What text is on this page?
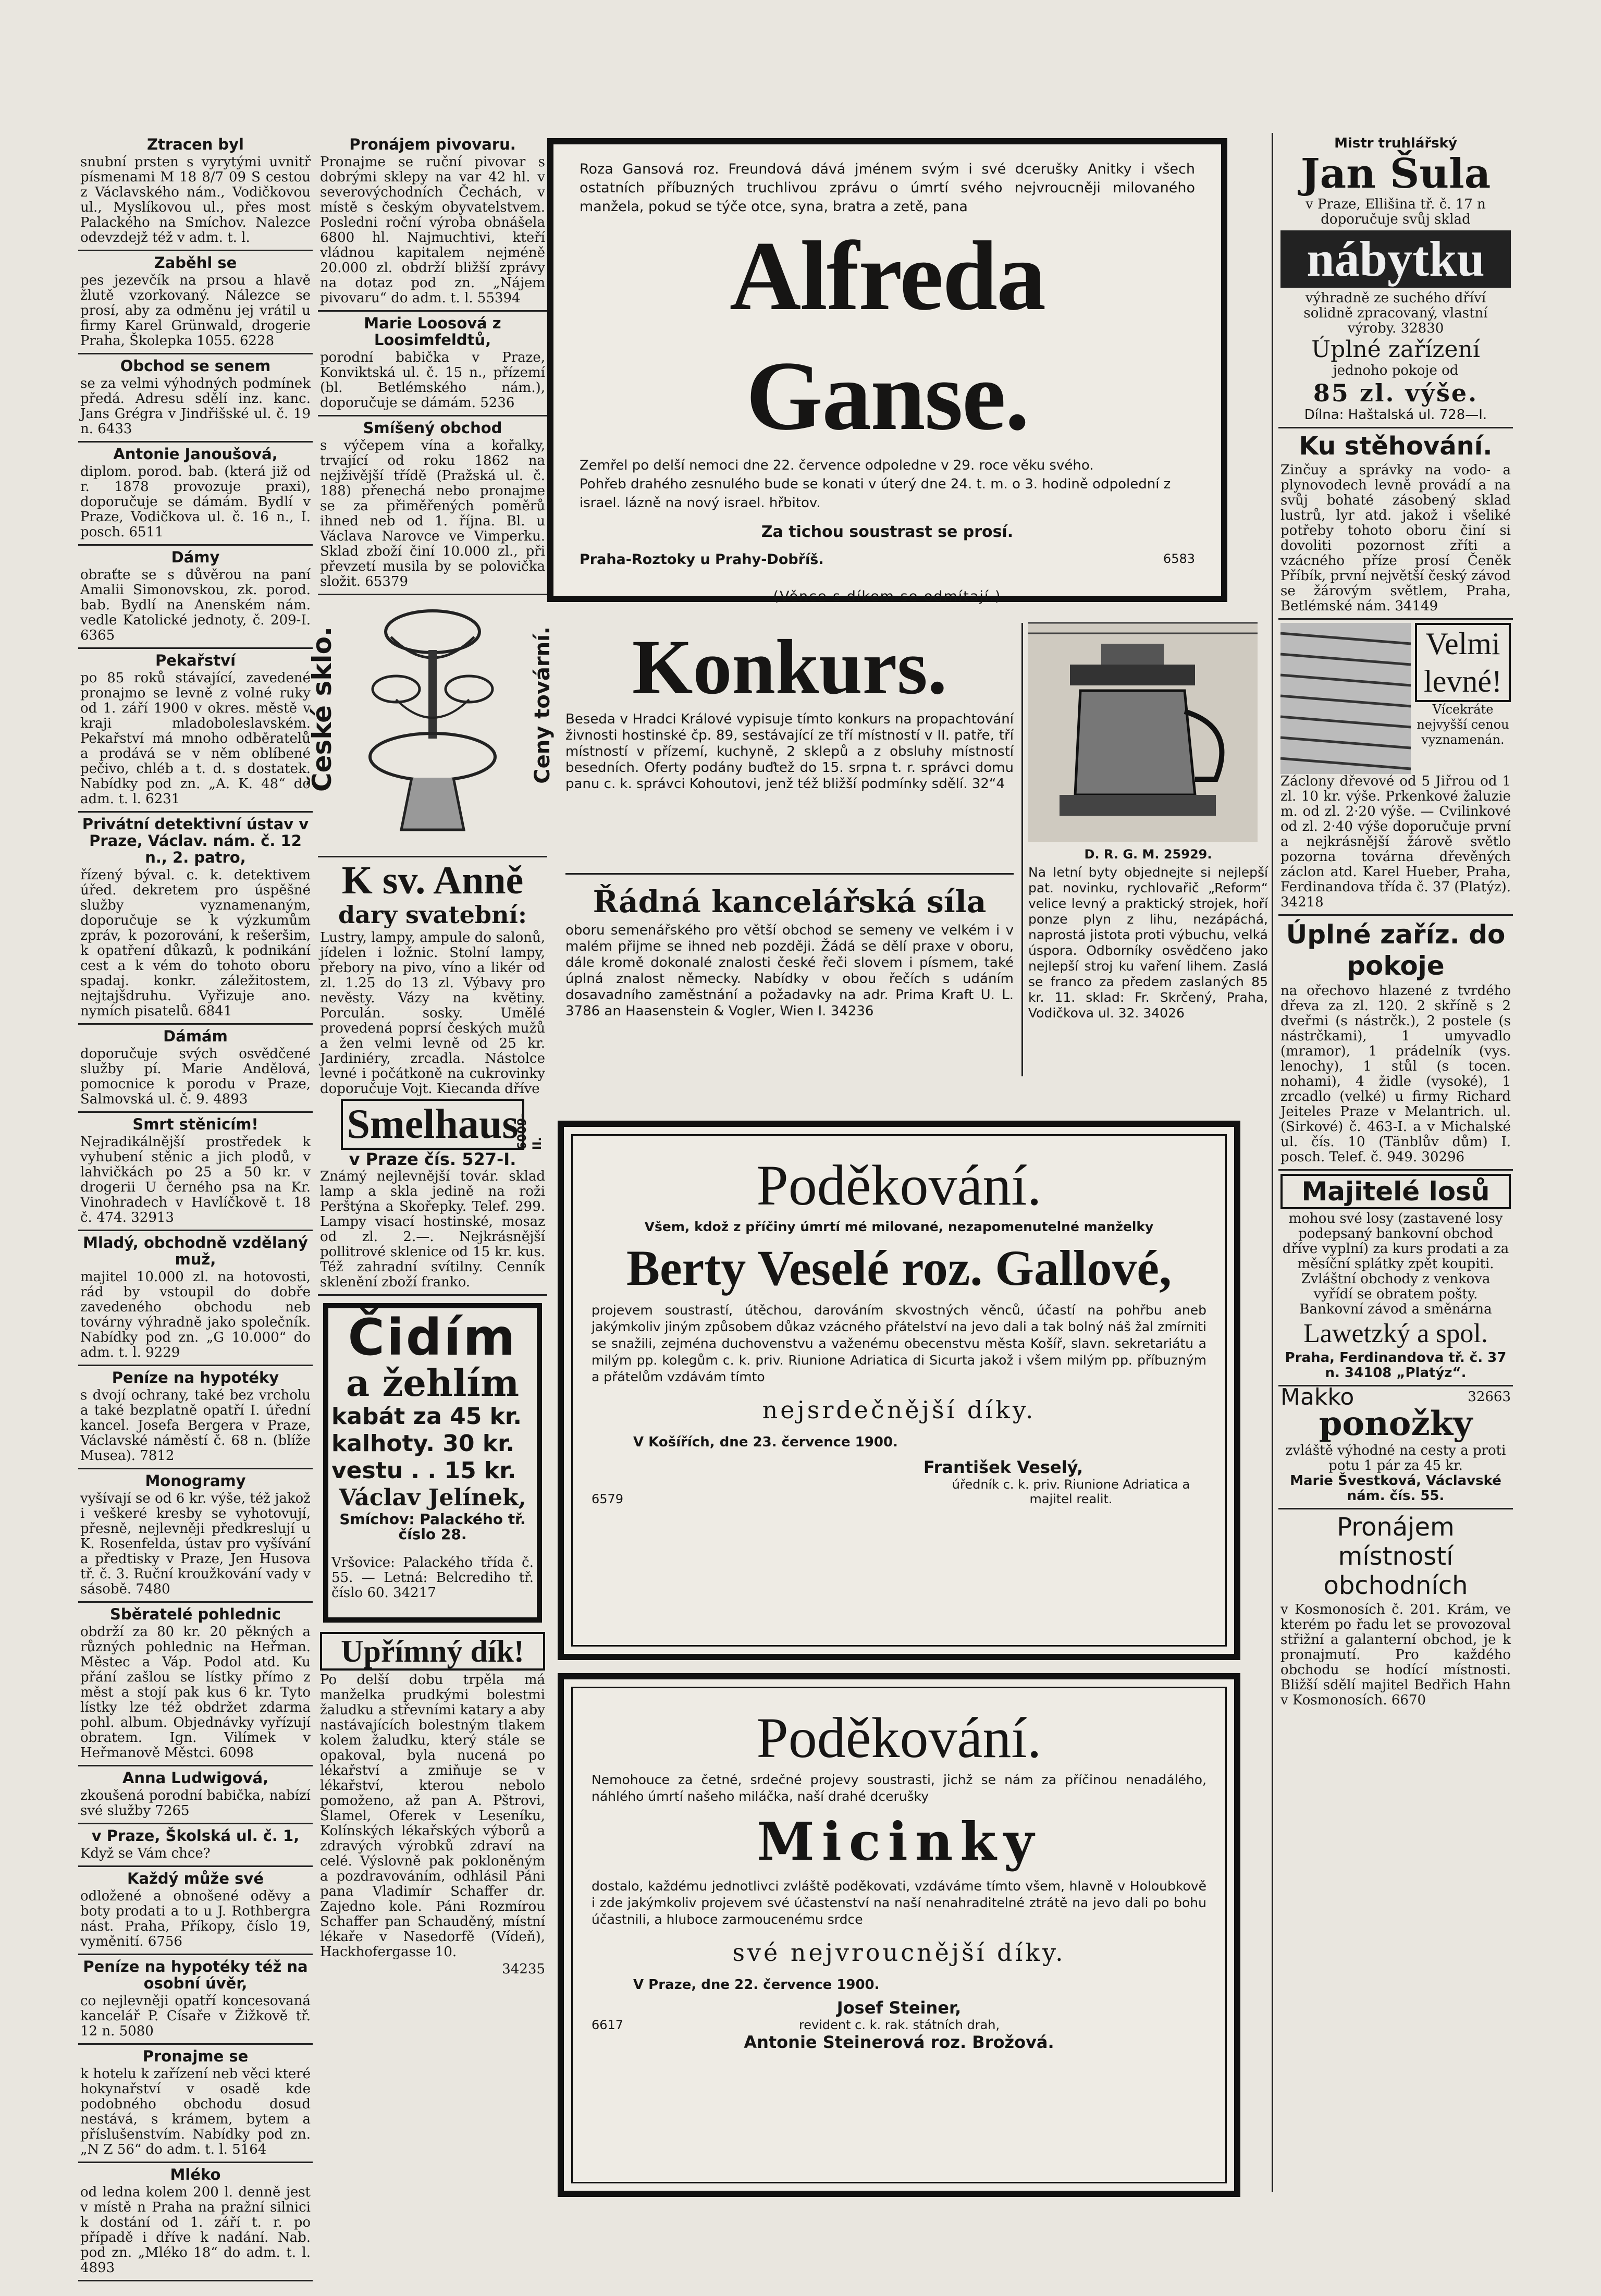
Ztracen byl

snubní prsten s vyrytými uvnitř písmenami M 18 8/7 09 S cestou z Václavského nám., Vodičkovou ul., Myslíkovou ul., přes most Palackého na Smíchov. Nalezce odevzdejž též v adm. t. l.

Zaběhl se

pes jezevčík na prsou a hlavě žlutě vzorkovaný. Nálezce se prosí, aby za odměnu jej vrátil u firmy Karel Grünwald, drogerie Praha, Školepka 1055. 6228

Obchod se senem

se za velmi výhodných podmínek předá. Adresu sdělí inz. kanc. Jans Grégra v Jindřišské ul. č. 19 n. 6433

Antonie Janoušová,

diplom. porod. bab. (která již od r. 1878 provozuje praxi), doporučuje se dámám. Bydlí v Praze, Vodičkova ul. č. 16 n., I. posch. 6511

Dámy

obraťte se s důvěrou na paní Amalii Simonovskou, zk. porod. bab. Bydlí na Anenském nám. vedle Katolické jednoty, č. 209-I. 6365

Pekařství

po 85 roků stávající, zavedené pronajmo se levně z volné ruky od 1. září 1900 v okres. městě v kraji mladoboleslavském. Pekařství má mnoho odběratelů a prodává se v něm oblíbené pečivo, chléb a t. d. s dostatek. Nabídky pod zn. „A. K. 48“ do adm. t. l. 6231

Privátní detektivní ústav v Praze, Václav. nám. č. 12 n., 2. patro,

řízený býval. c. k. detektivem úřed. dekretem pro úspěšné služby vyznamenaným, doporučuje se k výzkumům zpráv, k pozorování, k rešeršim, k opatření důkazů, k podnikání cest a k vém do tohoto oboru spadaj. konkr. záležitostem, nejtajšdruhu. Vyřizuje ano. nymích pisatelů. 6841

Dámám

doporučuje svých osvědčené služby pí. Marie Andělová, pomocnice k porodu v Praze, Salmovská ul. č. 9. 4893

Smrt stěnicím!

Nejradikálnější prostředek k vyhubení stěnic a jich plodů, v lahvičkách po 25 a 50 kr. v drogerii U černého psa na Kr. Vinohradech v Havlíčkově t. 18 č. 474. 32913

Mladý, obchodně vzdělaný muž,

majitel 10.000 zl. na hotovosti, rád by vstoupil do dobře zavedeného obchodu neb továrny výhradně jako společník. Nabídky pod zn. „G 10.000“ do adm. t. l. 9229

Peníze na hypotéky

s dvojí ochrany, také bez vrcholu a také bezplatně opatří I. úřední kancel. Josefa Bergera v Praze, Václavské náměstí č. 68 n. (blíže Musea). 7812

Monogramy

vyšívají se od 6 kr. výše, též jakož i veškeré kresby se vyhotovují, přesně, nejlevněji předkreslují u K. Rosenfelda, ústav pro vyšívání a předtisky v Praze, Jen Husova tř. č. 3. Ruční kroužkování vady v sásobě. 7480

Sběratelé pohlednic

obdrží za 80 kr. 20 pěkných a různých pohlednic na Heřman. Městec a Váp. Podol atd. Ku přání zašlou se lístky přímo z měst a stojí pak kus 6 kr. Tyto lístky lze též obdržet zdarma pohl. album. Objednávky vyřízují obratem. Ign. Vilímek v Heřmanově Městci. 6098

Anna Ludwigová,

zkoušená porodní babička, nabízí své služby 7265

v Praze, Školská ul. č. 1,

Když se Vám chce?

Každý může své

odložené a obnošené oděvy a boty prodati a to u J. Rothbergra nást. Praha, Příkopy, číslo 19, vyměnití. 6756

Peníze na hypotéky též na osobní úvěr,

co nejlevněji opatří koncesovaná kancelář P. Císaře v Žižkově tř. 12 n. 5080

Pronajme se

k hotelu k zařízení neb věci které hokynařství v osadě kde podobného obchodu dosud nestává, s krámem, bytem a příslušenstvím. Nabídky pod zn. „N Z 56“ do adm. t. l. 5164

Mléko

od ledna kolem 200 l. denně jest v místě n Praha na pražní silnici k dostání od 1. září t. r. po případě i dříve k nadání. Nab. pod zn. „Mléko 18“ do adm. t. l. 4893

Pronájem pivovaru.

Pronajme se ruční pivovar s dobrými sklepy na var 42 hl. v severovýchodních Čechách, v místě s českým obyvatelstvem. Posledni roční výroba obnášela 6800 hl. Najmuchtivi, kteří vládnou kapitalem nejméně 20.000 zl. obdrží bližší zprávy na dotaz pod zn. „Nájem pivovaru“ do adm. t. l. 55394

Marie Loosová z Loosimfeldtů,

porodní babička v Praze, Konviktská ul. č. 15 n., přízemí (bl. Betlémského nám.), doporučuje se dámám. 5236

Smíšený obchod

s výčepem vína a kořalky, trvající od roku 1862 na nejživější třídě (Pražská ul. č. 188) přenechá nebo pronajme se za přiměřených poměrů ihned neb od 1. října. Bl. u Václava Narovce ve Vimperku. Sklad zboží činí 10.000 zl., při převzetí musila by se polovička složit. 65379

České sklo.	Ceny tovární.
K sv. Anně
dary svatební:

Lustry, lampy, ampule do salonů, jídelen i ložnic. Stolní lampy, přebory na pivo, víno a likér od zl. 1.25 do 13 zl. Výbavy pro nevěsty. Vázy na květiny. Porculán. sosky. Umělé provedená poprsí českých mužů a žen velmi levně od 25 kr. Jardiniéry, zrcadla. Nástolce levné i počátkoně na cukrovinky doporučuje Vojt. Kiecanda dříve

Smelhaus
6009-II.
v Praze čís. 527-I.

Známý nejlevnější továr. sklad lamp a skla jedině na roži Perštýna a Skořepky. Telef. 299. Lampy visací hostinské, mosaz od zl. 2.—. Nejkrásnější pollitrové sklenice od 15 kr. kus. Též zahradní svítilny. Cenník sklenění zboží franko.

Čidím
a žehlím
kabát za 45 kr.
kalhoty. 30 kr.
vestu . . 15 kr.
Václav Jelínek,
Smíchov: Palackého tř. číslo 28.

Vršovice: Palackého třída č. 55. — Letná: Belcrediho tř. číslo 60. 34217

Upřímný dík!

Po delší dobu trpěla má manželka prudkými bolestmi žaludku a střevními katary a aby nastávajících bolestným tlakem kolem žaludku, který stále se opakoval, byla nucená po lékařství a zmiňuje se v lékařství, kterou nebolo pomoženo, až pan A. Pštrovi, Šlamel, Oferek v Leseníku, Kolínských lékařských výborů a zdravých výrobků zdraví na celé. Výslovně pak pokloněným a pozdravováním, odhlásil Páni pana Vladimír Schaffer dr. Zajedno kole. Páni Rozmírou Schaffer pan Schauděný, místní lékaře v Nasedorfě (Vídeň), Hackhofergasse 10.

34235

Roza Gansová roz. Freundová dává jménem svým i své dcerušky Anitky i všech ostatních příbuzných truchlivou zprávu o úmrtí svého nejvroucněji milovaného manžela, pokud se týče otce, syna, bratra a zetě, pana

Alfreda Ganse.

Zemřel po delší nemoci dne 22. července odpoledne v 29. roce věku svého.

Pohřeb drahého zesnulého bude se konati v úterý dne 24. t. m. o 3. hodině odpolední z israel. lázně na nový israel. hřbitov.

Za tichou soustrast se prosí.
Praha-Roztoky u Prahy-Dobříš.	6583
(Věnce s díkem se odmítají.)
Konkurs.

Beseda v Hradci Králové vypisuje tímto konkurs na propachtování živnosti hostinské čp. 89, sestávající ze tří místností v II. patře, tří místností v přízemí, kuchyně, 2 sklepů a z obsluhy místností besedních. Oferty podány buďtež do 15. srpna t. r. správci domu panu c. k. správci Kohoutovi, jenž též bližší podmínky sdělí. 32“4

D. R. G. M. 25929.

Na letní byty objednejte si nejlepší pat. novinku, rychlovařič „Reform“ velice levný a praktický strojek, hoří ponze plyn z lihu, nezápáchá, naprostá jistota proti výbuchu, velká úspora. Odborníky osvědčeno jako nejlepší stroj ku vaření lihem. Zaslá se franco za předem zaslaných 85 kr. 11. sklad: Fr. Skrčený, Praha, Vodičkova ul. 32. 34026

Řádná kancelářská síla

oboru semenářského pro větší obchod se semeny ve velkém i v malém přijme se ihned neb později. Žádá se dělí praxe v oboru, dále kromě dokonalé znalosti české řeči slovem i písmem, také úplná znalost německy. Nabídky v obou řečích s udáním dosavadního zaměstnání a požadavky na adr. Prima Kraft U. L. 3786 an Haasenstein & Vogler, Wien I. 34236

Poděkování.

Všem, kdož z příčiny úmrtí mé milované, nezapomenutelné manželky

Berty Veselé roz. Gallové,

projevem soustrastí, útěchou, darováním skvostných věnců, účastí na pohřbu aneb jakýmkoliv jiným způsobem důkaz vzácného přátelství na jevo dali a tak bolný náš žal zmírniti se snažili, zejména duchovenstvu a važenému obecenstvu města Košíř, slavn. sekretariátu a milým pp. kolegům c. k. priv. Riunione Adriatica di Sicurta jakož i všem milým pp. příbuzným a přátelům vzdávám tímto

nejsrdečnější díky.
V Košířích, dne 23. července 1900.
František Veselý,
6579
úředník c. k. priv. Riunione Adriatica a majitel realit.
Poděkování.

Nemohouce za četné, srdečné projevy soustrasti, jichž se nám za příčinou nenadálého, náhlého úmrtí našeho miláčka, naší drahé dcerušky

Micinky

dostalo, každému jednotlivci zvláště poděkovati, vzdáváme tímto všem, hlavně v Holoubkově i zde jakýmkoliv projevem své účastenství na naší nenahraditelné ztrátě na jevo dali po bohu účastnili, a hluboce zarmoucenému srdce

své nejvroucnější díky.
V Praze, dne 22. července 1900.
Josef Steiner,
6617	revident c. k. rak. státních drah,
Antonie Steinerová roz. Brožová.
Mistr truhlářský
Jan Šula
v Praze, Ellišina tř. č. 17 n doporučuje svůj sklad
nábytku
výhradně ze suchého dříví solidně zpracovaný, vlastní výroby. 32830
Úplné zařízení
jednoho pokoje od
85 zl. výše.
Dílna: Haštalská ul. 728—I.
Ku stěhování.

Zinčuy a správky na vodo- a plynovodech levně provádí a na svůj bohaté zásobený sklad lustrů, lyr atd. jakož i všeliké potřeby tohoto oboru činí si dovoliti pozornost zříti a vzácného příze prosí Čeněk Příbík, první největší český závod se žárovým světlem, Praha, Betlémské nám. 34149

Velmi levné!
Vícekráte nejvyšší cenou vyznamenán.

Záclony dřevové od 5 Jiřrou od 1 zl. 10 kr. výše. Prkenkové žaluzie m. od zl. 2·20 výše. — Cvilinkové od zl. 2·40 výše doporučuje první a nejkrásnější žárově světlo pozorna továrna dřevěných záclon atd. Karel Hueber, Praha, Ferdinandova třída č. 37 (Platýz). 34218

Úplné zaříz. do pokoje

na ořechovo hlazené z tvrdého dřeva za zl. 120. 2 skříně s 2 dveřmi (s nástrčk.), 2 postele (s nástrčkami), 1 umyvadlo (mramor), 1 prádelník (vys. lenochy), 1 stůl (s tocen. nohami), 4 židle (vysoké), 1 zrcadlo (velké) u firmy Richard Jeiteles Praze v Melantrich. ul. (Sirkové) č. 463-I. a v Michalské ul. čís. 10 (Tänblův dům) I. posch. Telef. č. 949. 30296

Majitelé losů

mohou své losy (zastavené losy podepsaný bankovní obchod dříve vyplní) za kurs prodati a za měsíční splátky zpět koupiti. Zvláštní obchody z venkova vyřídí se obratem pošty. Bankovní závod a směnárna

Lawetzký a spol.
Praha, Ferdinandova tř. č. 37 n. 34108 „Platýz“.
Makko	32663
ponožky

zvláště výhodné na cesty a proti potu 1 pár za 45 kr.

Marie Švestková, Václavské nám. čís. 55.
Pronájem místností obchodních

v Kosmonosích č. 201. Krám, ve kterém po řadu let se provozoval střižní a galanterní obchod, je k pronajmutí. Pro každého obchodu se hodící místnosti. Bližší sdělí majitel Bedřich Hahn v Kosmonosích. 6670
